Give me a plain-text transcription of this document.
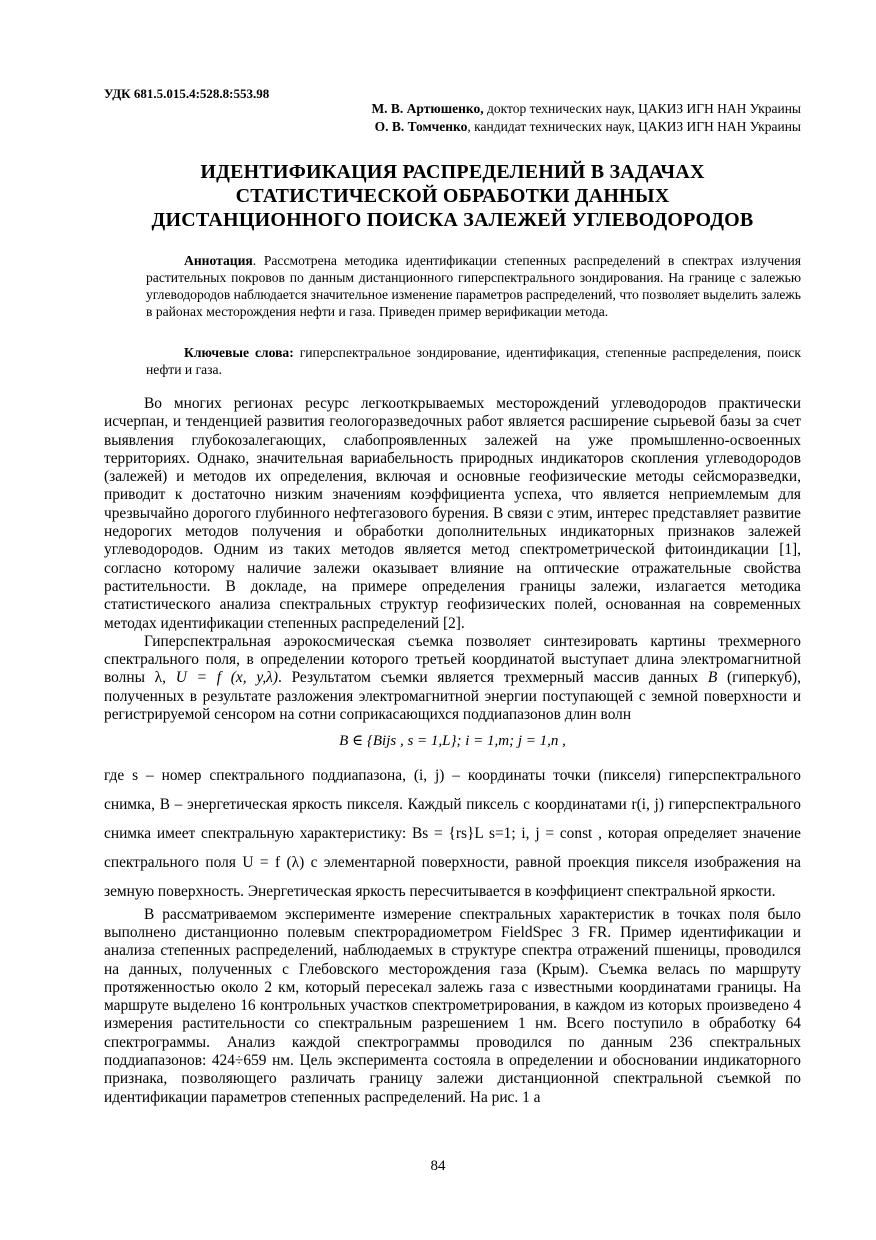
УДК 681.5.015.4:528.8:553.98
М. В. Артюшенко, доктор технических наук, ЦАКИЗ ИГН НАН Украины
О. В. Томченко, кандидат технических наук, ЦАКИЗ ИГН НАН Украины
ИДЕНТИФИКАЦИЯ РАСПРЕДЕЛЕНИЙ В ЗАДАЧАХ
СТАТИСТИЧЕСКОЙ ОБРАБОТКИ ДАННЫХ
ДИСТАНЦИОННОГО ПОИСКА ЗАЛЕЖЕЙ УГЛЕВОДОРОДОВ
Аннотация. Рассмотрена методика идентификации степенных распределений в спектрах излучения растительных покровов по данным дистанционного гиперспектрального зондирования. На границе с залежью углеводородов наблюдается значительное изменение параметров распределений, что позволяет выделить залежь в районах месторождения нефти и газа. Приведен пример верификации метода.
Ключевые слова: гиперспектральное зондирование, идентификация, степенные распределения, поиск нефти и газа.

Во многих регионах ресурс легкооткрываемых месторождений углеводородов практически исчерпан, и тенденцией развития геологоразведочных работ является расширение сырьевой базы за счет выявления глубокозалегающих, слабопроявленных залежей на уже промышленно-освоенных территориях. Однако, значительная вариабельность природных индикаторов скопления углеводородов (залежей) и методов их определения, включая и основные геофизические методы сейсморазведки, приводит к достаточно низким значениям коэффициента успеха, что является неприемлемым для чрезвычайно дорогого глубинного нефтегазового бурения. В связи с этим, интерес представляет развитие недорогих методов получения и обработки дополнительных индикаторных признаков залежей углеводородов. Одним из таких методов является метод спектрометрической фитоиндикации [1], согласно которому наличие залежи оказывает влияние на оптические отражательные свойства растительности. В докладе, на примере определения границы залежи, излагается методика статистического анализа спектральных структур геофизических полей, основанная на современных методах идентификации степенных распределений [2].

Гиперспектральная аэрокосмическая съемка позволяет синтезировать картины трехмерного спектрального поля, в определении которого третьей координатой выступает длина электромагнитной волны λ, U = f (x, y,λ). Результатом съемки является трехмерный массив данных B (гиперкуб), полученных в результате разложения электромагнитной энергии поступающей с земной поверхности и регистрируемой сенсором на сотни соприкасающихся поддиапазонов длин волн

B ∈ {Bijs , s = 1,L}; i = 1,m; j = 1,n ,

где s – номер спектрального поддиапазона, (i, j) – координаты точки (пикселя) гиперспектрального снимка, B – энергетическая яркость пикселя. Каждый пиксель с координатами r(i, j) гиперспектрального снимка имеет спектральную характеристику: Bs = {rs}L s=1; i, j = const , которая определяет значение спектрального поля U = f (λ) с элементарной поверхности, равной проекция пикселя изображения на земную поверхность. Энергетическая яркость пересчитывается в коэффициент спектральной яркости.

В рассматриваемом эксперименте измерение спектральных характеристик в точках поля было выполнено дистанционно полевым спектрорадиометром FieldSpec 3 FR. Пример идентификации и анализа степенных распределений, наблюдаемых в структуре спектра отражений пшеницы, проводился на данных, полученных с Глебовского месторождения газа (Крым). Съемка велась по маршруту протяженностью около 2 км, который пересекал залежь газа с известными координатами границы. На маршруте выделено 16 контрольных участков спектрометрирования, в каждом из которых произведено 4 измерения растительности со спектральным разрешением 1 нм. Всего поступило в обработку 64 спектрограммы. Анализ каждой спектрограммы проводился по данным 236 спектральных поддиапазонов: 424÷659 нм. Цель эксперимента состояла в определении и обосновании индикаторного признака, позволяющего различать границу залежи дистанционной спектральной съемкой по идентификации параметров степенных распределений. На рис. 1 а

84
